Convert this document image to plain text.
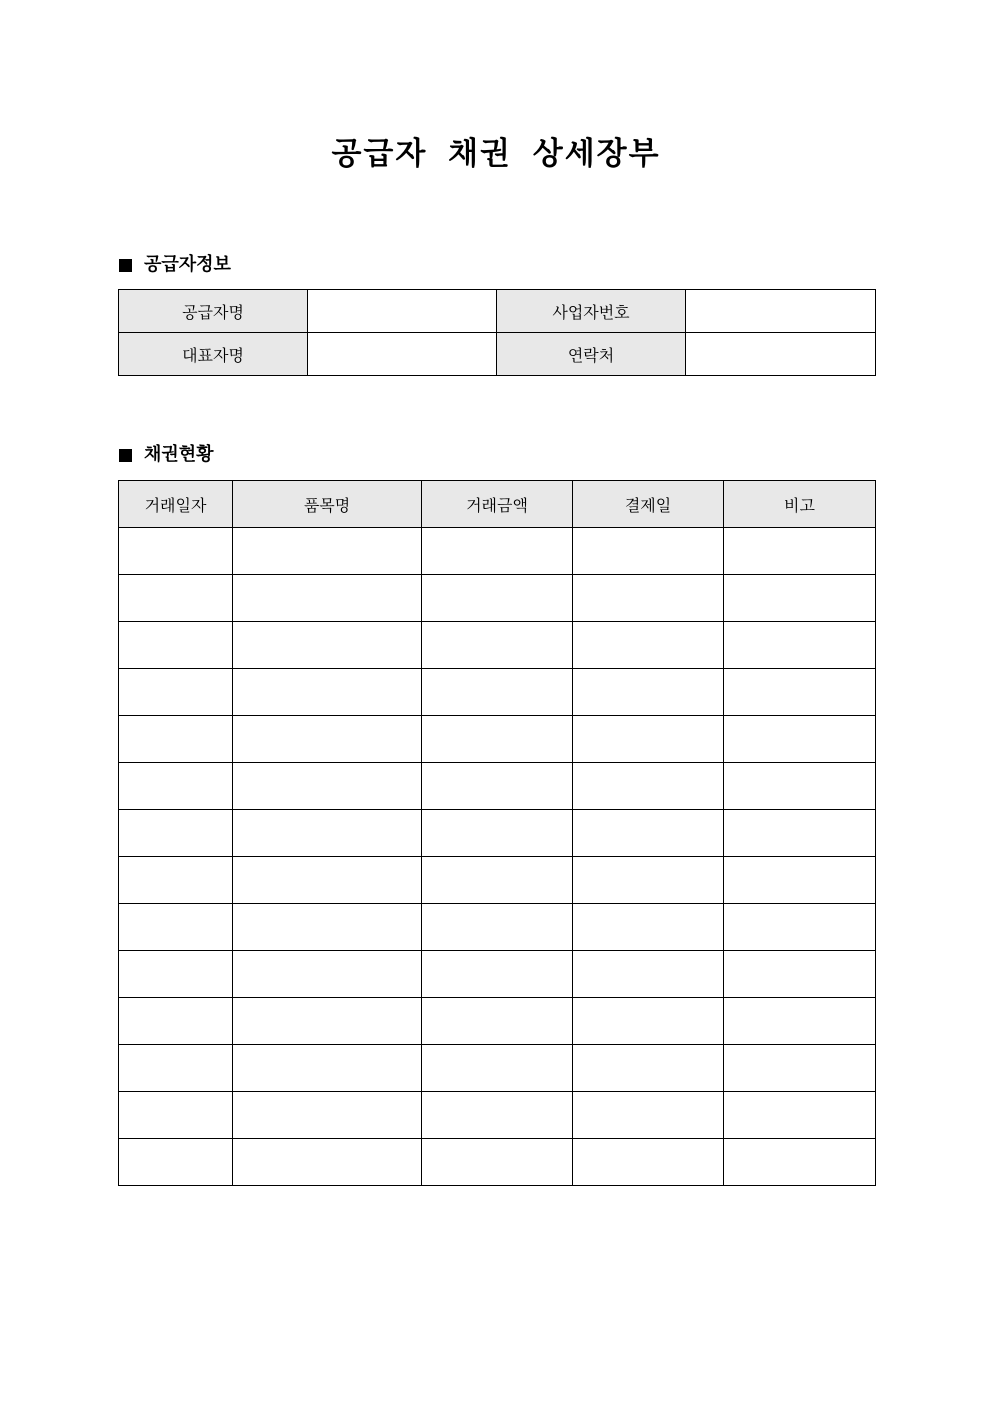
공급자 채권 상세장부
공급자정보
공급자명		사업자번호	
대표자명		연락처	
채권현황
거래일자	품목명	거래금액	결제일	비고
